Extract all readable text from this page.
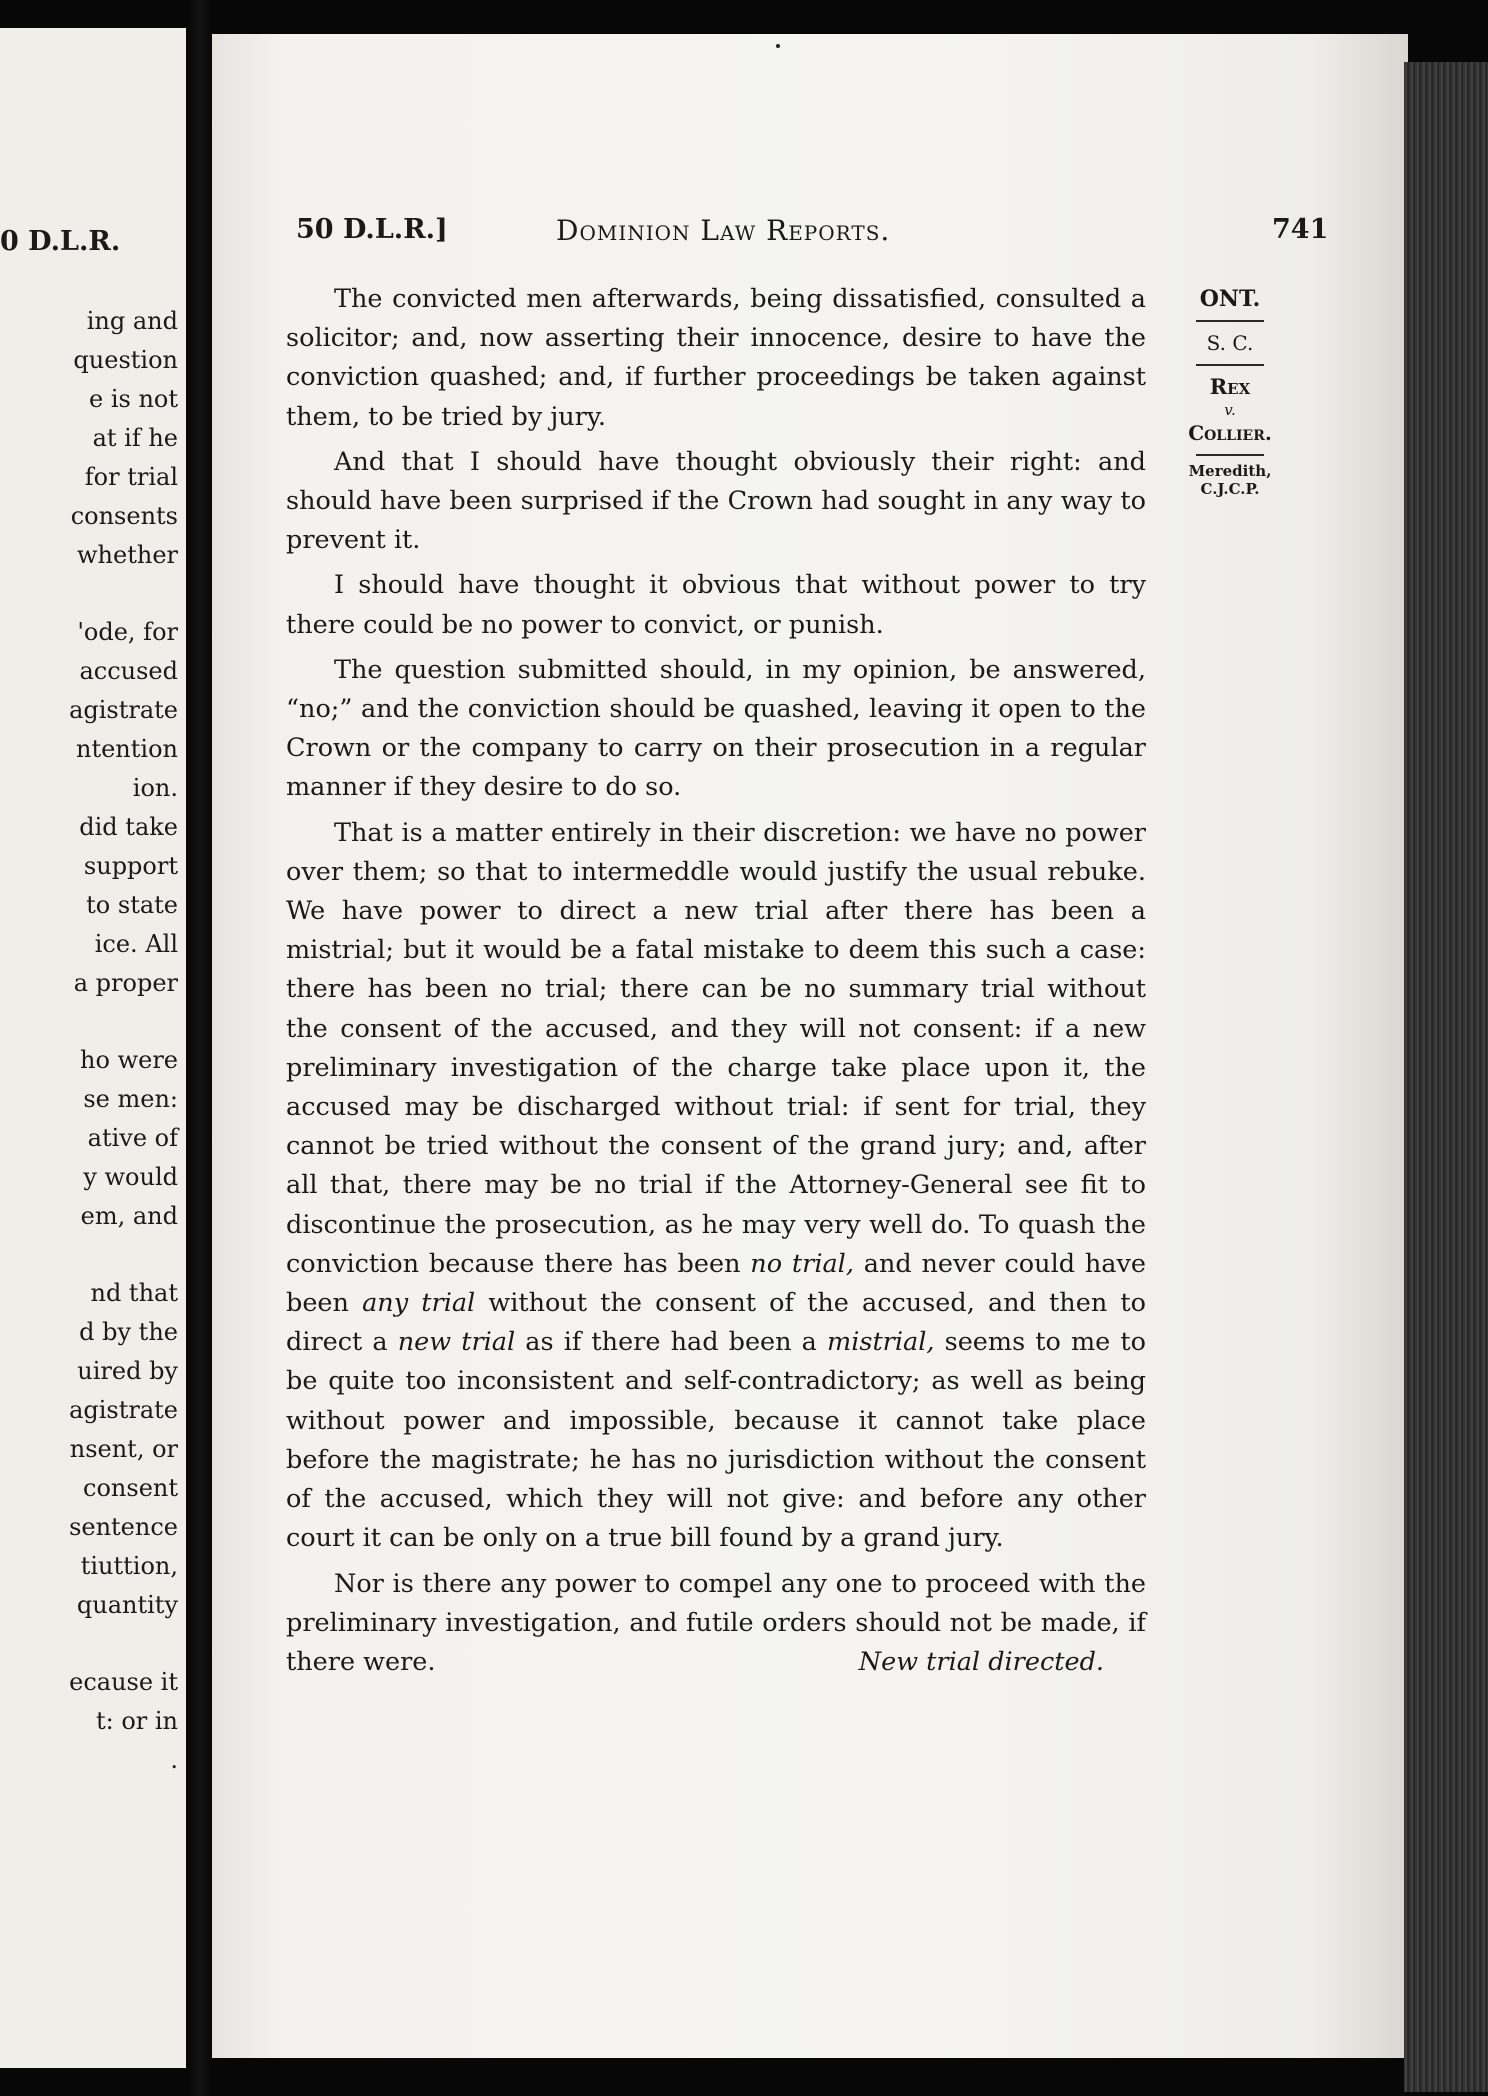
0 D.L.R.
ing and
question
e is not
at if he
for trial
consents
whether
'ode, for
accused
agistrate
ntention
ion.
did take
support
to state
ice. All
a proper
ho were
se men:
ative of
y would
em, and
nd that
d by the
uired by
agistrate
nsent, or
consent
sentence
tiuttion,
quantity
ecause it
t: or in
.
50 D.L.R.]	Dominion Law Reports.	741
ONT.
S. C.
Rex
v.
Collier.
Meredith,
C.J.C.P.

The convicted men afterwards, being dissatisfied, consulted a solicitor; and, now asserting their innocence, desire to have the conviction quashed; and, if further proceedings be taken against them, to be tried by jury.

And that I should have thought obviously their right: and should have been surprised if the Crown had sought in any way to prevent it.

I should have thought it obvious that without power to try there could be no power to convict, or punish.

The question submitted should, in my opinion, be answered, “no;” and the conviction should be quashed, leaving it open to the Crown or the company to carry on their prosecution in a regular manner if they desire to do so.

That is a matter entirely in their discretion: we have no power over them; so that to intermeddle would justify the usual rebuke. We have power to direct a new trial after there has been a mistrial; but it would be a fatal mistake to deem this such a case: there has been no trial; there can be no summary trial without the consent of the accused, and they will not consent: if a new preliminary investigation of the charge take place upon it, the accused may be discharged without trial: if sent for trial, they cannot be tried without the consent of the grand jury; and, after all that, there may be no trial if the Attorney-General see fit to discontinue the prosecution, as he may very well do. To quash the conviction because there has been no trial, and never could have been any trial without the consent of the accused, and then to direct a new trial as if there had been a mistrial, seems to me to be quite too inconsistent and self-contradictory; as well as being without power and impossible, because it cannot take place before the magistrate; he has no jurisdiction without the consent of the accused, which they will not give: and before any other court it can be only on a true bill found by a grand jury.

Nor is there any power to compel any one to proceed with the preliminary investigation, and futile orders should not be made, if there were.	New trial directed.
